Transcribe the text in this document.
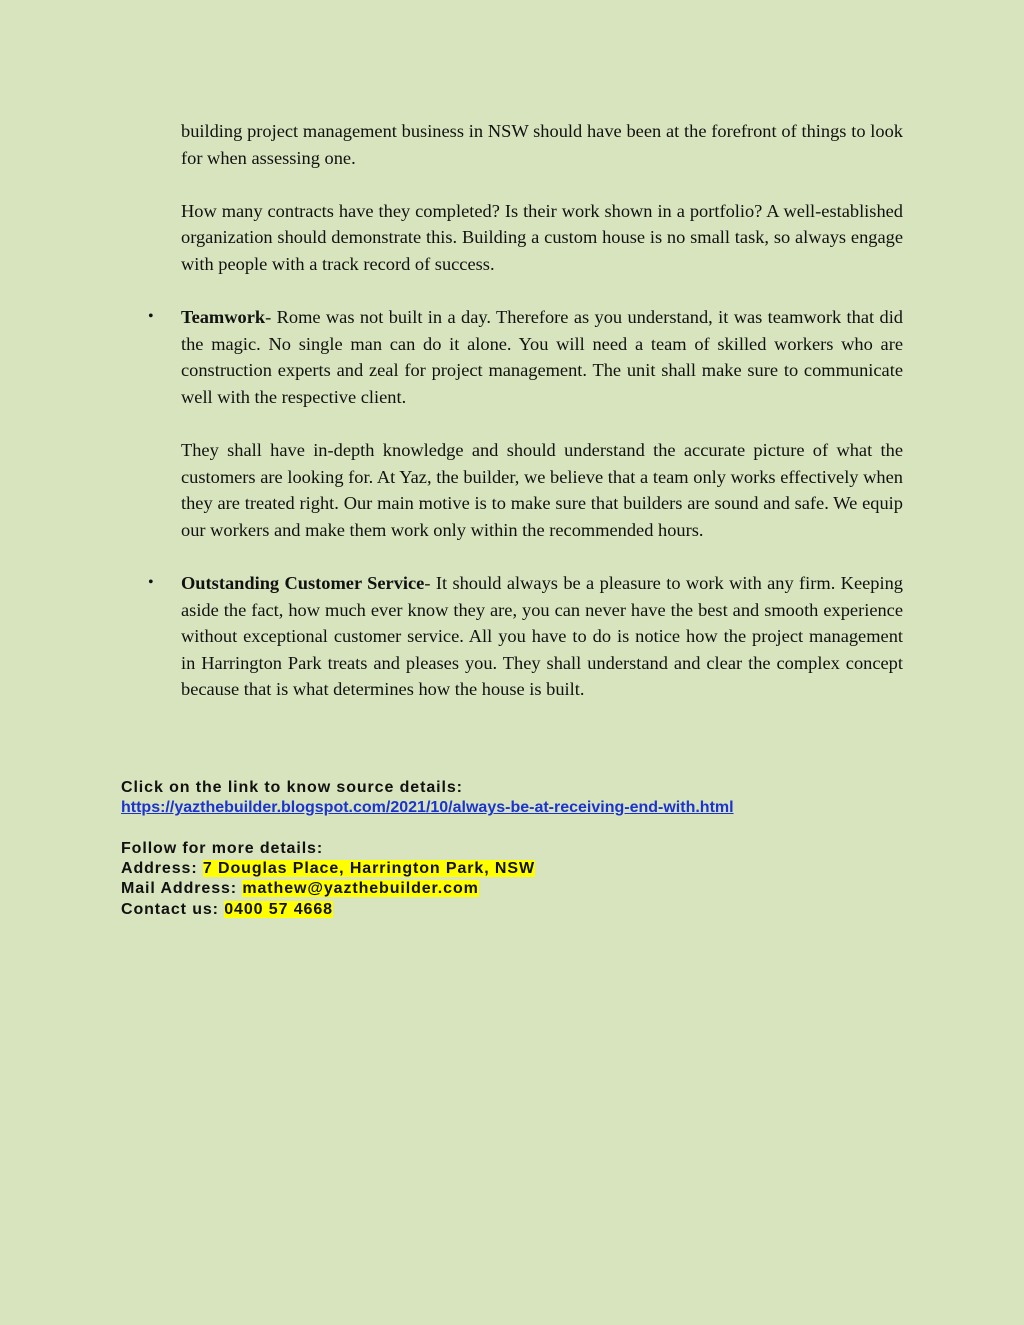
building project management business in NSW should have been at the forefront of things to look for when assessing one.

How many contracts have they completed? Is their work shown in a portfolio? A well-established organization should demonstrate this. Building a custom house is no small task, so always engage with people with a track record of success.

• Teamwork- Rome was not built in a day. Therefore as you understand, it was teamwork that did the magic. No single man can do it alone. You will need a team of skilled workers who are construction experts and zeal for project management. The unit shall make sure to communicate well with the respective client.

They shall have in-depth knowledge and should understand the accurate picture of what the customers are looking for. At Yaz, the builder, we believe that a team only works effectively when they are treated right. Our main motive is to make sure that builders are sound and safe. We equip our workers and make them work only within the recommended hours.

• Outstanding Customer Service- It should always be a pleasure to work with any firm. Keeping aside the fact, how much ever know they are, you can never have the best and smooth experience without exceptional customer service. All you have to do is notice how the project management in Harrington Park treats and pleases you. They shall understand and clear the complex concept because that is what determines how the house is built.

Click on the link to know source details:
https://yazthebuilder.blogspot.com/2021/10/always-be-at-receiving-end-with.html
Follow for more details:
Address: 7 Douglas Place, Harrington Park, NSW
Mail Address: mathew@yazthebuilder.com
Contact us: 0400 57 4668
